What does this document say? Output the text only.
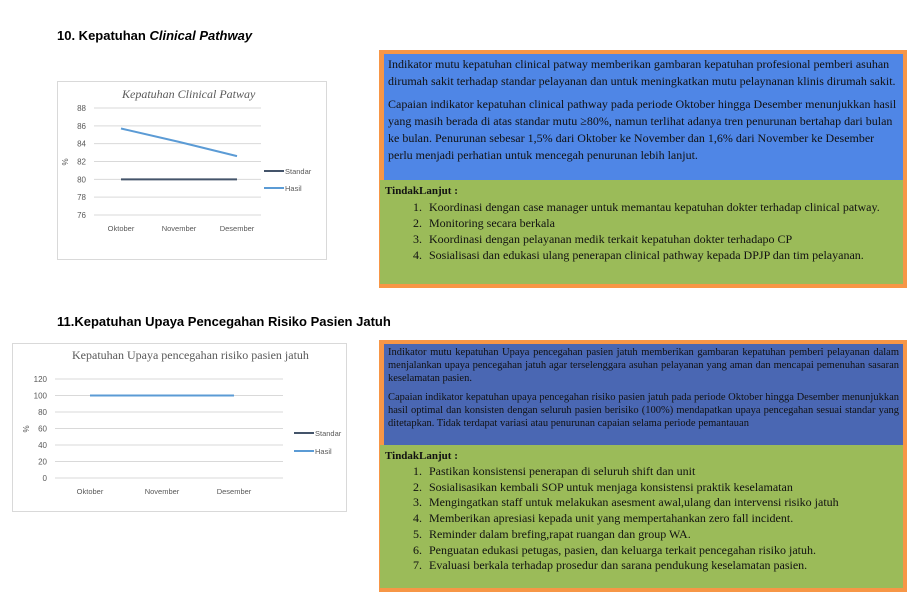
10. Kepatuhan Clinical Pathway
Kepatuhan Clinical Patway
76
78
80
82
84
86
88
%
Oktober	November	Desember
Standar
Hasil

Indikator mutu kepatuhan clinical patway memberikan gambaran kepatuhan profesional pemberi asuhan dirumah sakit terhadap standar pelayanan dan untuk meningkatkan mutu pelaynanan klinis dirumah sakit.

Capaian indikator kepatuhan clinical pathway pada periode Oktober hingga Desember menunjukkan hasil yang masih berada di atas standar mutu ≥80%, namun terlihat adanya tren penurunan bertahap dari bulan ke bulan. Penurunan sebesar 1,5% dari Oktober ke November dan 1,6% dari November ke Desember perlu menjadi perhatian untuk mencegah penurunan lebih lanjut.

TindakLanjut :
1. Koordinasi dengan case manager untuk memantau kepatuhan dokter terhadap clinical patway.
2. Monitoring secara berkala
3. Koordinasi dengan pelayanan medik terkait kepatuhan dokter terhadapo CP
4. Sosialisasi dan edukasi ulang penerapan clinical pathway kepada DPJP dan tim pelayanan.
11.Kepatuhan Upaya Pencegahan Risiko Pasien Jatuh
Kepatuhan Upaya pencegahan risiko pasien jatuh
0
20
40
60
80
100
120
%
Oktober	November	Desember
Standar
Hasil

Indikator mutu kepatuhan Upaya pencegahan pasien jatuh memberikan gambaran kepatuhan pemberi pelayanan dalam menjalankan upaya pencegahan jatuh agar terselenggara asuhan pelayanan yang aman dan mencapai pemenuhan sasaran keselamatan pasien.

Capaian indikator kepatuhan upaya pencegahan risiko pasien jatuh pada periode Oktober hingga Desember menunjukkan hasil optimal dan konsisten dengan seluruh pasien berisiko (100%) mendapatkan upaya pencegahan sesuai standar yang ditetapkan. Tidak terdapat variasi atau penurunan capaian selama periode pemantauan

TindakLanjut :
1. Pastikan konsistensi penerapan di seluruh shift dan unit
2. Sosialisasikan kembali SOP untuk menjaga konsistensi praktik keselamatan
3. Mengingatkan staff untuk melakukan asesment awal,ulang dan intervensi risiko jatuh
4. Memberikan apresiasi kepada unit yang mempertahankan zero fall incident.
5. Reminder dalam brefing,rapat ruangan dan group WA.
6. Penguatan edukasi petugas, pasien, dan keluarga terkait pencegahan risiko jatuh.
7. Evaluasi berkala terhadap prosedur dan sarana pendukung keselamatan pasien.
